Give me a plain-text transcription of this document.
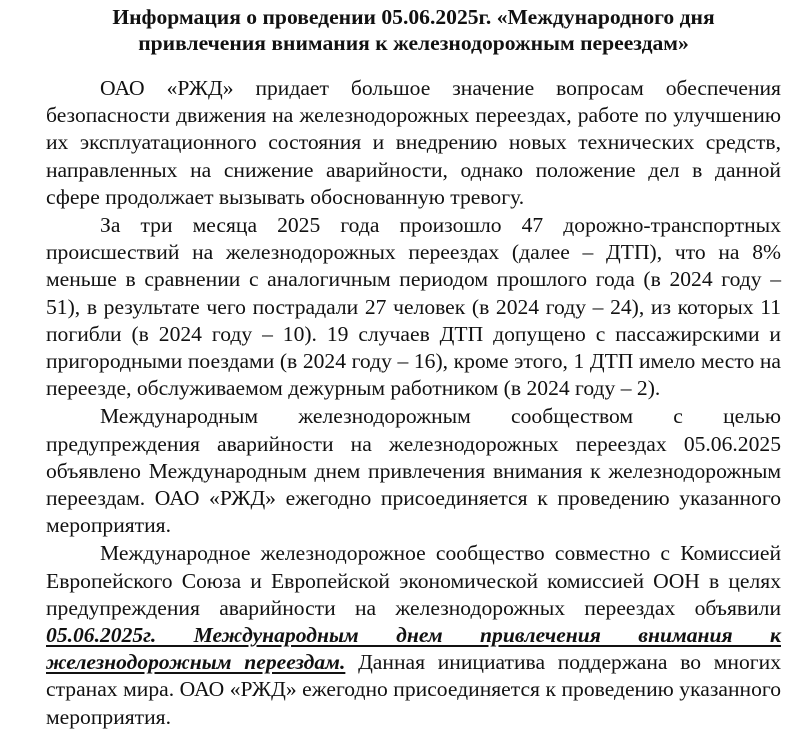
Информация о проведении 05.06.2025г. «Международного дня привлечения внимания к железнодорожным переездам»

ОАО «РЖД» придает большое значение вопросам обеспечения безопасности движения на железнодорожных переездах, работе по улучшению их эксплуатационного состояния и внедрению новых технических средств, направленных на снижение аварийности, однако положение дел в данной сфере продолжает вызывать обоснованную тревогу.

За три месяца 2025 года произошло 47 дорожно-транспортных происшествий на железнодорожных переездах (далее – ДТП), что на 8% меньше в сравнении с аналогичным периодом прошлого года (в 2024 году – 51), в результате чего пострадали 27 человек (в 2024 году – 24), из которых 11 погибли (в 2024 году – 10). 19 случаев ДТП допущено с пассажирскими и пригородными поездами (в 2024 году – 16), кроме этого, 1 ДТП имело место на переезде, обслуживаемом дежурным работником (в 2024 году – 2).

Международным железнодорожным сообществом с целью предупреждения аварийности на железнодорожных переездах 05.06.2025 объявлено Международным днем привлечения внимания к железнодорожным переездам. ОАО «РЖД» ежегодно присоединяется к проведению указанного мероприятия.

Международное железнодорожное сообщество совместно с Комиссией Европейского Союза и Европейской экономической комиссией ООН в целях предупреждения аварийности на железнодорожных переездах объявили 05.06.2025г. Международным днем привлечения внимания к железнодорожным переездам. Данная инициатива поддержана во многих странах мира. ОАО «РЖД» ежегодно присоединяется к проведению указанного мероприятия.
